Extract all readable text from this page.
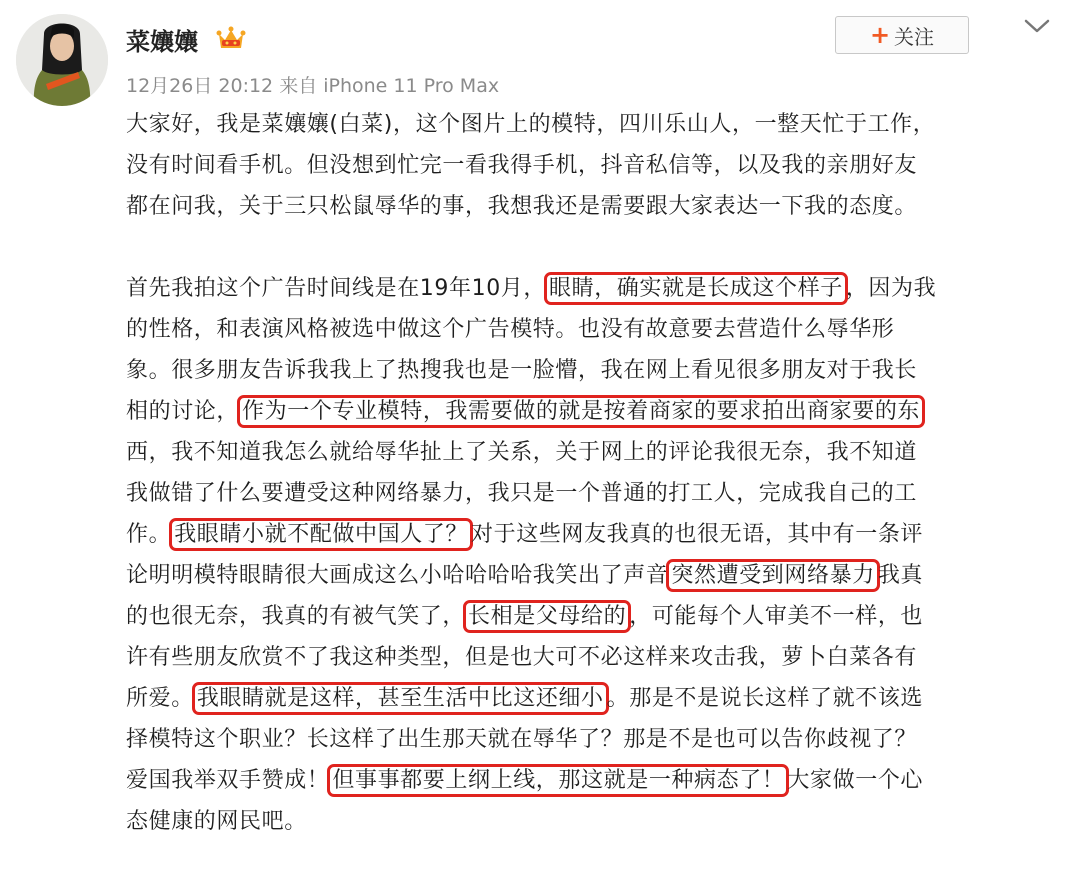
菜孃孃
12月26日 20:12 来自 iPhone 11 Pro Max
+ 关注

大家好，我是菜孃孃(白菜)，这个图片上的模特，四川乐山人，一整天忙于工作，

没有时间看手机。但没想到忙完一看我得手机，抖音私信等，以及我的亲朋好友

都在问我，关于三只松鼠辱华的事，我想我还是需要跟大家表达一下我的态度。

首先我拍这个广告时间线是在19年10月， 眼睛，确实就是长成这个样子 ，因为我

的性格，和表演风格被选中做这个广告模特。也没有故意要去营造什么辱华形

象。很多朋友告诉我我上了热搜我也是一脸懵，我在网上看见很多朋友对于我长

相的讨论， 作为一个专业模特，我需要做的就是按着商家的要求拍出商家要的东

西，我不知道我怎么就给辱华扯上了关系，关于网上的评论我很无奈，我不知道

我做错了什么要遭受这种网络暴力，我只是一个普通的打工人，完成我自己的工

作。 我眼睛小就不配做中国人了？ 对于这些网友我真的也很无语，其中有一条评

论明明模特眼睛很大画成这么小哈哈哈哈我笑出了声音 突然遭受到网络暴力 我真

的也很无奈，我真的有被气笑了， 长相是父母给的 ，可能每个人审美不一样，也

许有些朋友欣赏不了我这种类型，但是也大可不必这样来攻击我，萝卜白菜各有

所爱。 我眼睛就是这样，甚至生活中比这还细小 。那是不是说长这样了就不该选

择模特这个职业？长这样了出生那天就在辱华了？那是不是也可以告你歧视了？

爱国我举双手赞成！ 但事事都要上纲上线，那这就是一种病态了！ 大家做一个心

态健康的网民吧。
